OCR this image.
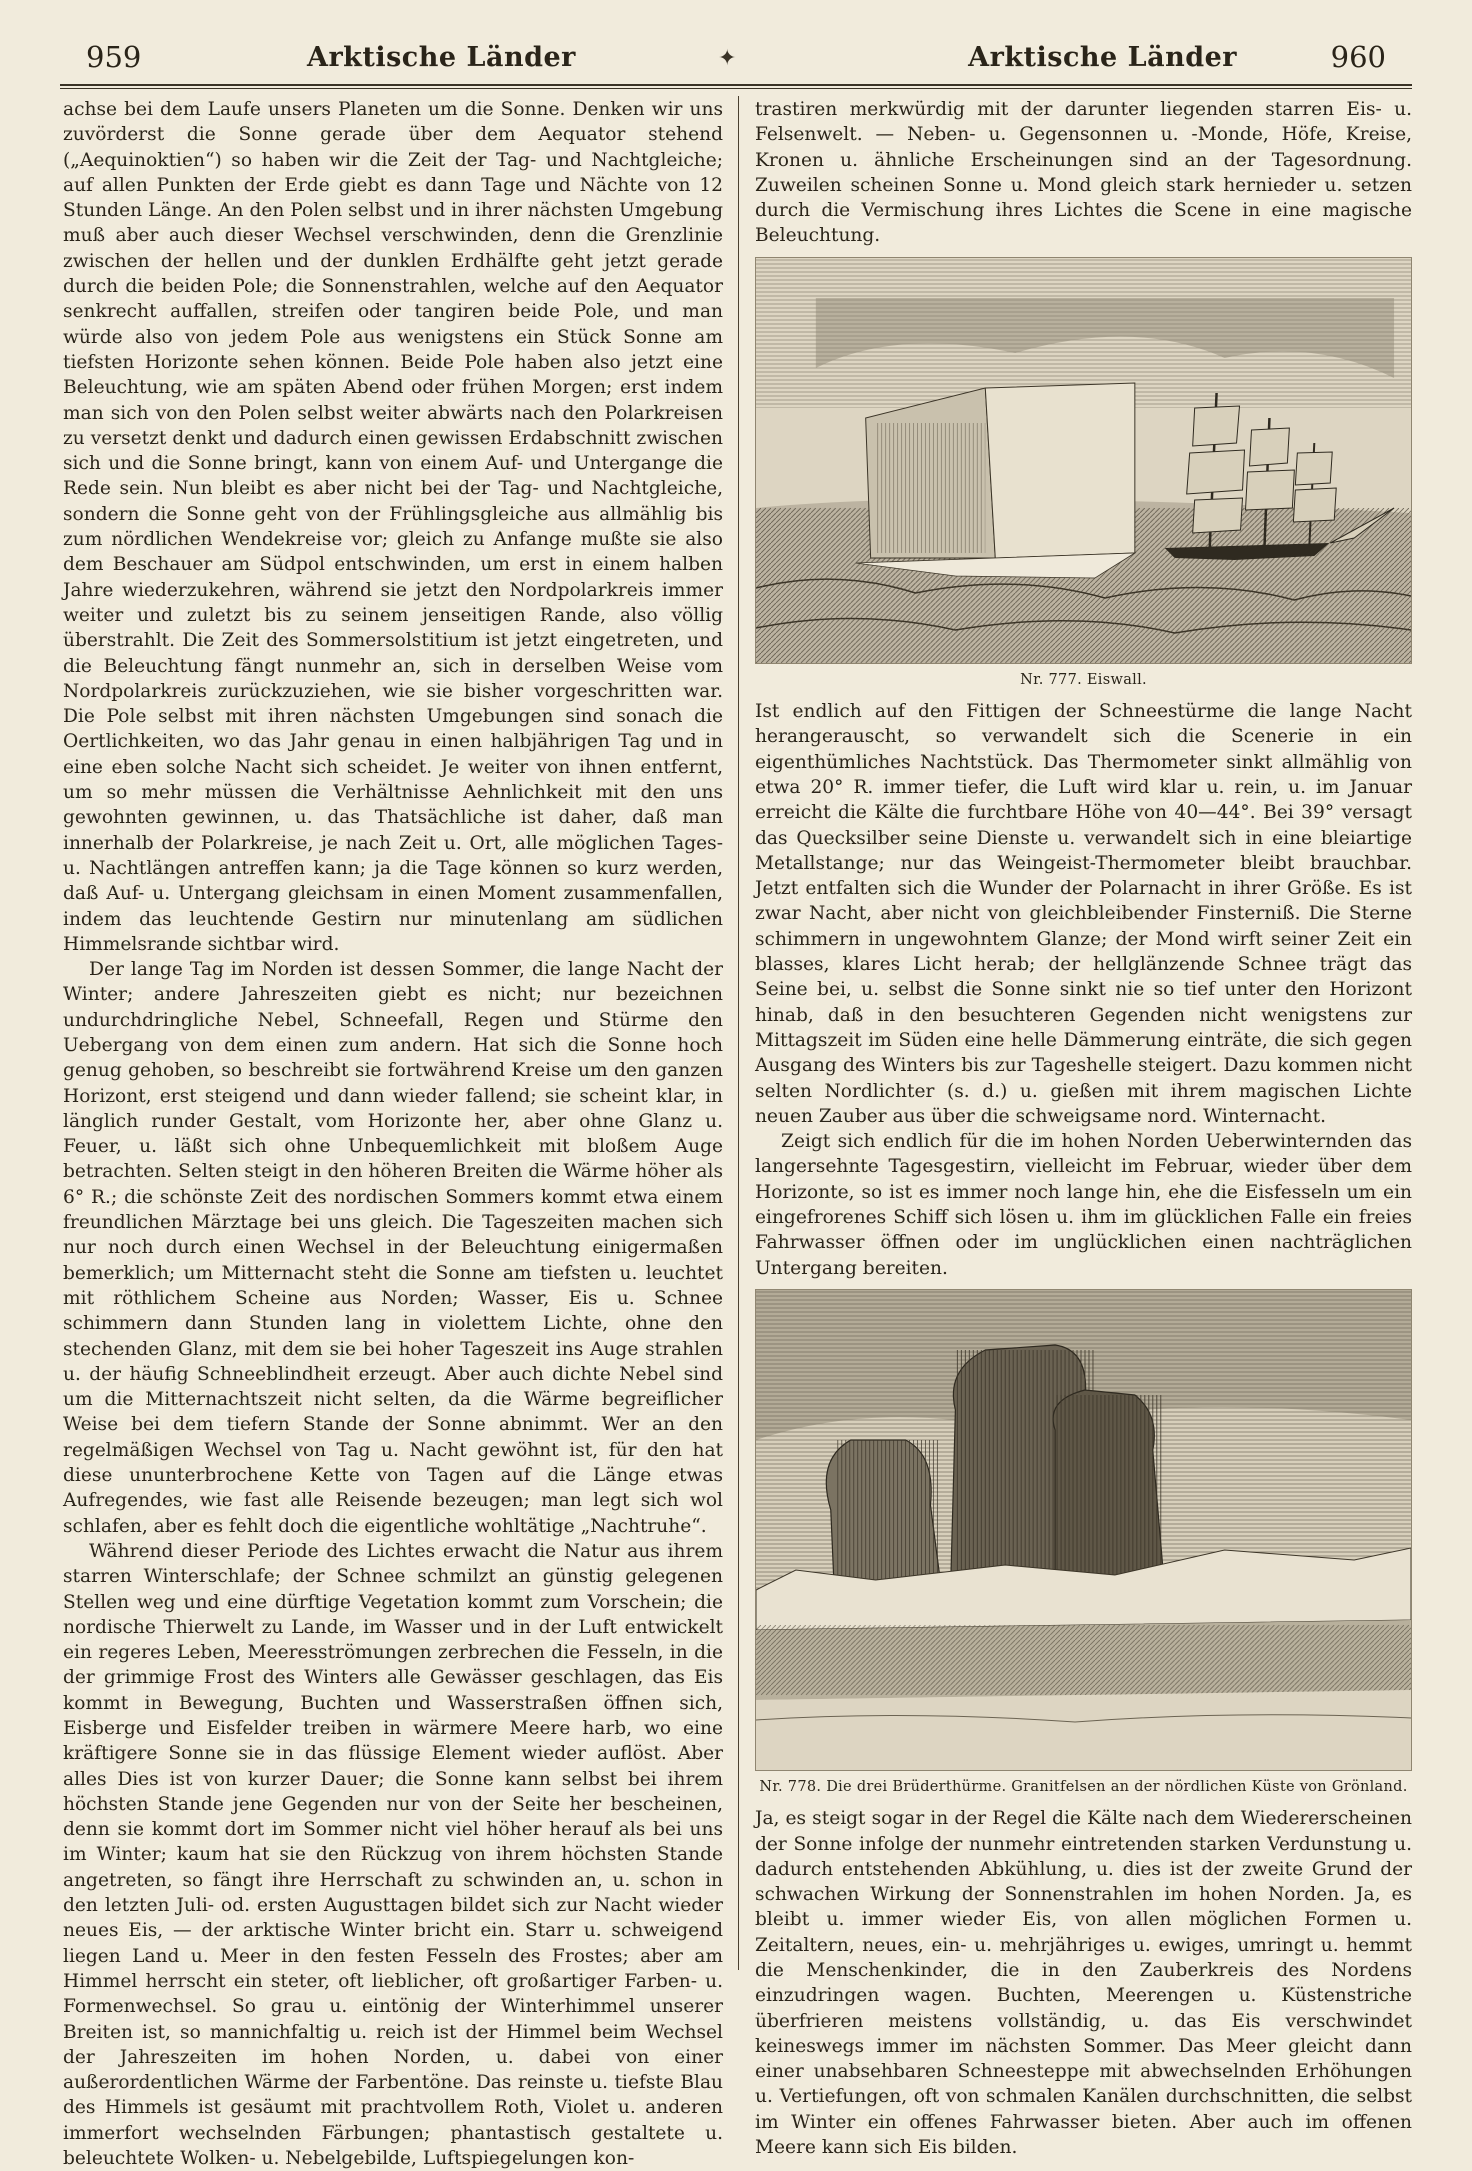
959	Arktische Länder	✦	Arktische Länder	960

achse bei dem Laufe unsers Planeten um die Sonne. Denken wir uns zuvörderst die Sonne gerade über dem Aequator stehend („Aequinoktien“) so haben wir die Zeit der Tag- und Nachtgleiche; auf allen Punkten der Erde giebt es dann Tage und Nächte von 12 Stunden Länge. An den Polen selbst und in ihrer nächsten Umgebung muß aber auch dieser Wechsel verschwinden, denn die Grenzlinie zwischen der hellen und der dunklen Erdhälfte geht jetzt gerade durch die beiden Pole; die Sonnenstrahlen, welche auf den Aequator senkrecht auffallen, streifen oder tangiren beide Pole, und man würde also von jedem Pole aus wenigstens ein Stück Sonne am tiefsten Horizonte sehen können. Beide Pole haben also jetzt eine Beleuchtung, wie am späten Abend oder frühen Morgen; erst indem man sich von den Polen selbst weiter abwärts nach den Polarkreisen zu versetzt denkt und dadurch einen gewissen Erdabschnitt zwischen sich und die Sonne bringt, kann von einem Auf- und Untergange die Rede sein. Nun bleibt es aber nicht bei der Tag- und Nachtgleiche, sondern die Sonne geht von der Frühlingsgleiche aus allmählig bis zum nördlichen Wendekreise vor; gleich zu Anfange mußte sie also dem Beschauer am Südpol entschwinden, um erst in einem halben Jahre wiederzukehren, während sie jetzt den Nordpolarkreis immer weiter und zuletzt bis zu seinem jenseitigen Rande, also völlig überstrahlt. Die Zeit des Sommersolstitium ist jetzt eingetreten, und die Beleuchtung fängt nunmehr an, sich in derselben Weise vom Nordpolarkreis zurückzuziehen, wie sie bisher vorgeschritten war. Die Pole selbst mit ihren nächsten Umgebungen sind sonach die Oertlichkeiten, wo das Jahr genau in einen halbjährigen Tag und in eine eben solche Nacht sich scheidet. Je weiter von ihnen entfernt, um so mehr müssen die Verhältnisse Aehnlichkeit mit den uns gewohnten gewinnen, u. das Thatsächliche ist daher, daß man innerhalb der Polarkreise, je nach Zeit u. Ort, alle möglichen Tages- u. Nachtlängen antreffen kann; ja die Tage können so kurz werden, daß Auf- u. Untergang gleichsam in einen Moment zusammenfallen, indem das leuchtende Gestirn nur minutenlang am südlichen Himmelsrande sichtbar wird.

Der lange Tag im Norden ist dessen Sommer, die lange Nacht der Winter; andere Jahreszeiten giebt es nicht; nur bezeichnen undurchdringliche Nebel, Schneefall, Regen und Stürme den Uebergang von dem einen zum andern. Hat sich die Sonne hoch genug gehoben, so beschreibt sie fortwährend Kreise um den ganzen Horizont, erst steigend und dann wieder fallend; sie scheint klar, in länglich runder Gestalt, vom Horizonte her, aber ohne Glanz u. Feuer, u. läßt sich ohne Unbequemlichkeit mit bloßem Auge betrachten. Selten steigt in den höheren Breiten die Wärme höher als 6° R.; die schönste Zeit des nordischen Sommers kommt etwa einem freundlichen Märztage bei uns gleich. Die Tageszeiten machen sich nur noch durch einen Wechsel in der Beleuchtung einigermaßen bemerklich; um Mitternacht steht die Sonne am tiefsten u. leuchtet mit röthlichem Scheine aus Norden; Wasser, Eis u. Schnee schimmern dann Stunden lang in violettem Lichte, ohne den stechenden Glanz, mit dem sie bei hoher Tageszeit ins Auge strahlen u. der häufig Schneeblindheit erzeugt. Aber auch dichte Nebel sind um die Mitternachtszeit nicht selten, da die Wärme begreiflicher Weise bei dem tiefern Stande der Sonne abnimmt. Wer an den regelmäßigen Wechsel von Tag u. Nacht gewöhnt ist, für den hat diese ununterbrochene Kette von Tagen auf die Länge etwas Aufregendes, wie fast alle Reisende bezeugen; man legt sich wol schlafen, aber es fehlt doch die eigentliche wohltätige „Nachtruhe“.

Während dieser Periode des Lichtes erwacht die Natur aus ihrem starren Winterschlafe; der Schnee schmilzt an günstig gelegenen Stellen weg und eine dürftige Vegetation kommt zum Vorschein; die nordische Thierwelt zu Lande, im Wasser und in der Luft entwickelt ein regeres Leben, Meeresströmungen zerbrechen die Fesseln, in die der grimmige Frost des Winters alle Gewässer geschlagen, das Eis kommt in Bewegung, Buchten und Wasserstraßen öffnen sich, Eisberge und Eisfelder treiben in wärmere Meere harb, wo eine kräftigere Sonne sie in das flüssige Element wieder auflöst. Aber alles Dies ist von kurzer Dauer; die Sonne kann selbst bei ihrem höchsten Stande jene Gegenden nur von der Seite her bescheinen, denn sie kommt dort im Sommer nicht viel höher herauf als bei uns im Winter; kaum hat sie den Rückzug von ihrem höchsten Stande angetreten, so fängt ihre Herrschaft zu schwinden an, u. schon in den letzten Juli- od. ersten Augusttagen bildet sich zur Nacht wieder neues Eis, — der arktische Winter bricht ein. Starr u. schweigend liegen Land u. Meer in den festen Fesseln des Frostes; aber am Himmel herrscht ein steter, oft lieblicher, oft großartiger Farben- u. Formenwechsel. So grau u. eintönig der Winterhimmel unserer Breiten ist, so mannichfaltig u. reich ist der Himmel beim Wechsel der Jahreszeiten im hohen Norden, u. dabei von einer außerordentlichen Wärme der Farbentöne. Das reinste u. tiefste Blau des Himmels ist gesäumt mit prachtvollem Roth, Violet u. anderen immerfort wechselnden Färbungen; phantastisch gestaltete u. beleuchtete Wolken- u. Nebelgebilde, Luftspiegelungen kon-

trastiren merkwürdig mit der darunter liegenden starren Eis- u. Felsenwelt. — Neben- u. Gegensonnen u. -Monde, Höfe, Kreise, Kronen u. ähnliche Erscheinungen sind an der Tagesordnung. Zuweilen scheinen Sonne u. Mond gleich stark hernieder u. setzen durch die Vermischung ihres Lichtes die Scene in eine magische Beleuchtung.

Nr. 777. Eiswall.

Ist endlich auf den Fittigen der Schneestürme die lange Nacht herangerauscht, so verwandelt sich die Scenerie in ein eigenthümliches Nachtstück. Das Thermometer sinkt allmählig von etwa 20° R. immer tiefer, die Luft wird klar u. rein, u. im Januar erreicht die Kälte die furchtbare Höhe von 40—44°. Bei 39° versagt das Quecksilber seine Dienste u. verwandelt sich in eine bleiartige Metallstange; nur das Weingeist-Thermometer bleibt brauchbar. Jetzt entfalten sich die Wunder der Polarnacht in ihrer Größe. Es ist zwar Nacht, aber nicht von gleichbleibender Finsterniß. Die Sterne schimmern in ungewohntem Glanze; der Mond wirft seiner Zeit ein blasses, klares Licht herab; der hellglänzende Schnee trägt das Seine bei, u. selbst die Sonne sinkt nie so tief unter den Horizont hinab, daß in den besuchteren Gegenden nicht wenigstens zur Mittagszeit im Süden eine helle Dämmerung einträte, die sich gegen Ausgang des Winters bis zur Tageshelle steigert. Dazu kommen nicht selten Nordlichter (s. d.) u. gießen mit ihrem magischen Lichte neuen Zauber aus über die schweigsame nord. Winternacht.

Zeigt sich endlich für die im hohen Norden Ueberwinternden das langersehnte Tagesgestirn, vielleicht im Februar, wieder über dem Horizonte, so ist es immer noch lange hin, ehe die Eisfesseln um ein eingefrorenes Schiff sich lösen u. ihm im glücklichen Falle ein freies Fahrwasser öffnen oder im unglücklichen einen nachträglichen Untergang bereiten.

Nr. 778. Die drei Brüderthürme. Granitfelsen an der nördlichen Küste von Grönland.

Ja, es steigt sogar in der Regel die Kälte nach dem Wiedererscheinen der Sonne infolge der nunmehr eintretenden starken Verdunstung u. dadurch entstehenden Abkühlung, u. dies ist der zweite Grund der schwachen Wirkung der Sonnenstrahlen im hohen Norden. Ja, es bleibt u. immer wieder Eis, von allen möglichen Formen u. Zeitaltern, neues, ein- u. mehrjähriges u. ewiges, umringt u. hemmt die Menschenkinder, die in den Zauberkreis des Nordens einzudringen wagen. Buchten, Meerengen u. Küstenstriche überfrieren meistens vollständig, u. das Eis verschwindet keineswegs immer im nächsten Sommer. Das Meer gleicht dann einer unabsehbaren Schneesteppe mit abwechselnden Erhöhungen u. Vertiefungen, oft von schmalen Kanälen durchschnitten, die selbst im Winter ein offenes Fahrwasser bieten. Aber auch im offenen Meere kann sich Eis bilden.
